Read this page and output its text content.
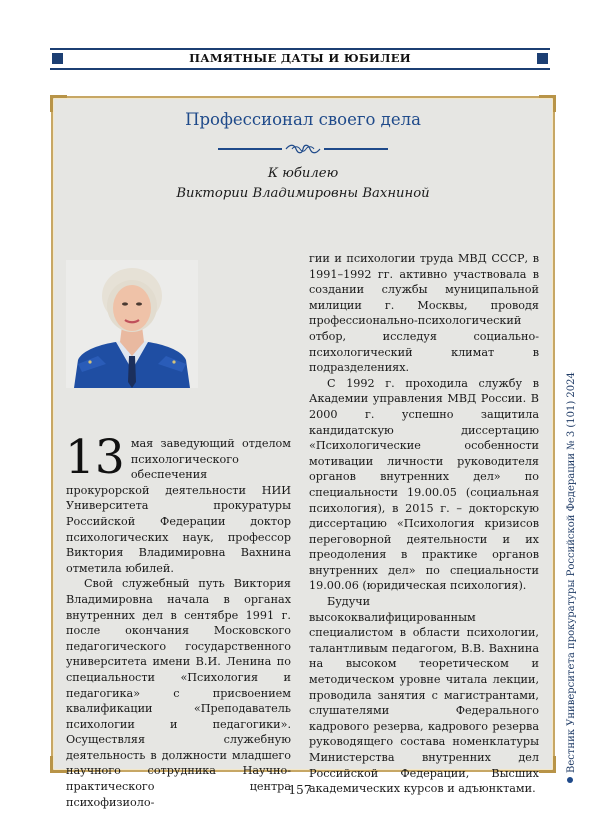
ПАМЯТНЫЕ ДАТЫ И ЮБИЛЕИ
Профессионал своего дела
К юбилею
Виктории Владимировны Вахниной
13 мая заведующий отделом психологического обеспечения прокурорской деятельности НИИ Университета прокуратуры Российской Федерации доктор психологических наук, профессор Виктория Владимировна Вахнина отметила юбилей.

Свой служебный путь Виктория Владимировна начала в органах внутренних дел в сентябре 1991 г. после окончания Московского педагогического государственного университета имени В.И. Ленина по специальности «Психология и педагогика» с присвоением квалификации «Преподаватель психологии и педагогики». Осуществляя служебную деятельность в должности младшего научного сотрудника Научно-практического центра психофизиоло-

гии и психологии труда МВД СССР, в 1991–1992 гг. активно участвовала в создании службы муниципальной милиции г. Москвы, проводя профессионально-психологический отбор, исследуя социально-психологический климат в подразделениях.

С 1992 г. проходила службу в Академии управления МВД России. В 2000 г. успешно защитила кандидатскую диссертацию «Психологические особенности мотивации личности руководителя органов внутренних дел» по специальности 19.00.05 (социальная психология), в 2015 г. – докторскую диссертацию «Психология кризисов переговорной деятельности и их преодоления в практике органов внутренних дел» по специальности 19.00.06 (юридическая психология).

Будучи высококвалифицированным специалистом в области психологии, талантливым педагогом, В.В. Вахнина на высоком теоретическом и методическом уровне читала лекции, проводила занятия с магистрантами, слушателями Федерального кадрового резерва, кадрового резерва руководящего состава номенклатуры Министерства внутренних дел Российской Федерации, Высших академических курсов и адъюнктами.

157
Вестник Университета прокуратуры Российской Федерации № 3 (101) 2024
